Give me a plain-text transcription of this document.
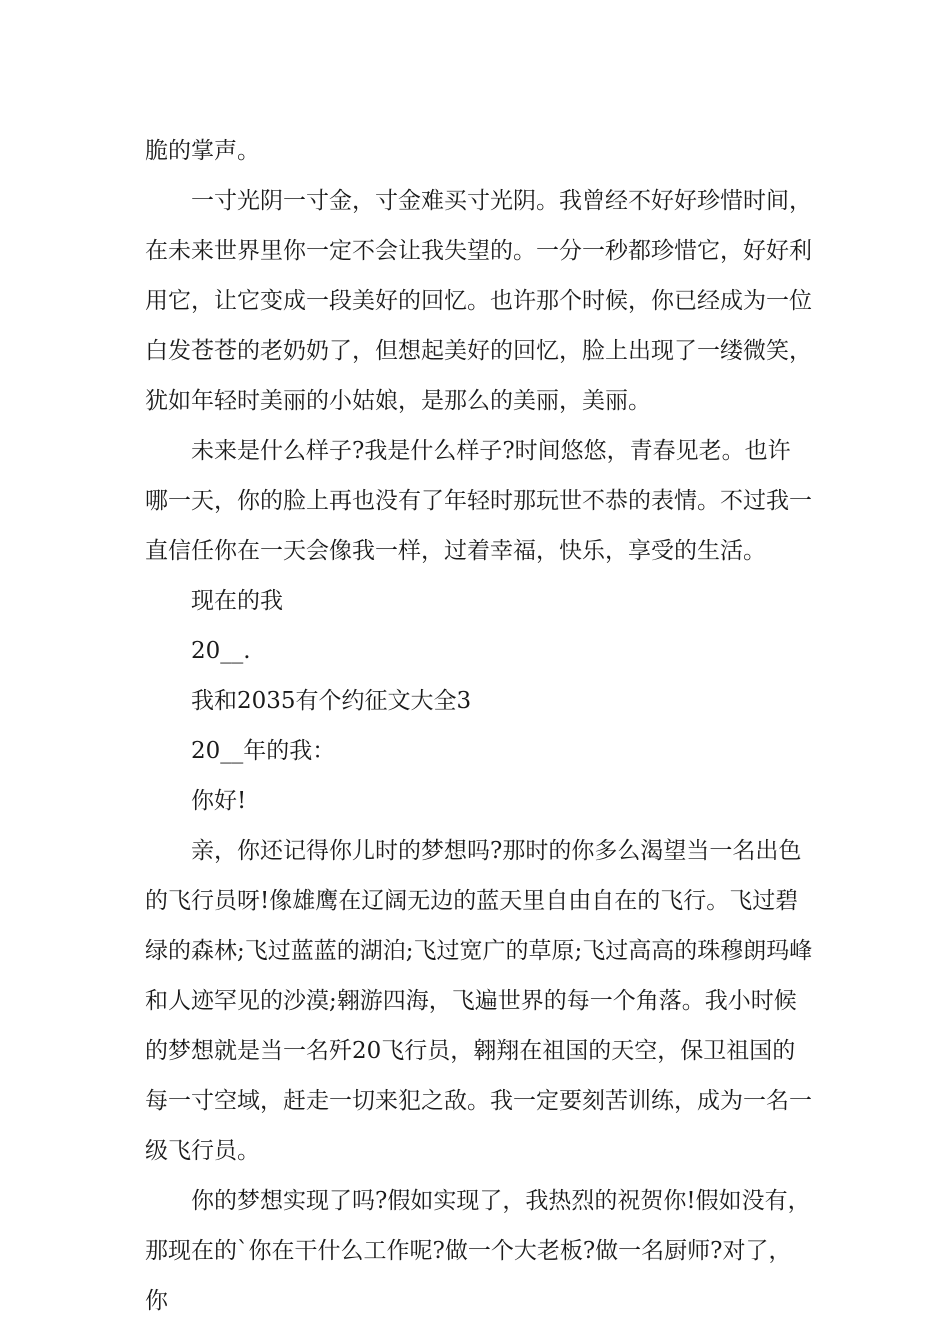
脆的掌声。

一寸光阴一寸金，寸金难买寸光阴。我曾经不好好珍惜时间，在未来世界里你一定不会让我失望的。一分一秒都珍惜它，好好利用它，让它变成一段美好的回忆。也许那个时候，你已经成为一位白发苍苍的老奶奶了，但想起美好的回忆，脸上出现了一缕微笑，犹如年轻时美丽的小姑娘，是那么的美丽，美丽。

未来是什么样子?我是什么样子?时间悠悠，青春见老。也许哪一天，你的脸上再也没有了年轻时那玩世不恭的表情。不过我一直信任你在一天会像我一样，过着幸福，快乐，享受的生活。

现在的我

20__.

我和2035有个约征文大全3

20__年的我：

你好!

亲，你还记得你儿时的梦想吗?那时的你多么渴望当一名出色的飞行员呀!像雄鹰在辽阔无边的蓝天里自由自在的飞行。飞过碧绿的森林;飞过蓝蓝的湖泊;飞过宽广的草原;飞过高高的珠穆朗玛峰和人迹罕见的沙漠;翱游四海，飞遍世界的每一个角落。我小时候的梦想就是当一名歼20飞行员，翱翔在祖国的天空，保卫祖国的每一寸空域，赶走一切来犯之敌。我一定要刻苦训练，成为一名一级飞行员。

你的梦想实现了吗?假如实现了，我热烈的祝贺你!假如没有，那现在的`你在干什么工作呢?做一个大老板?做一名厨师?对了，你
